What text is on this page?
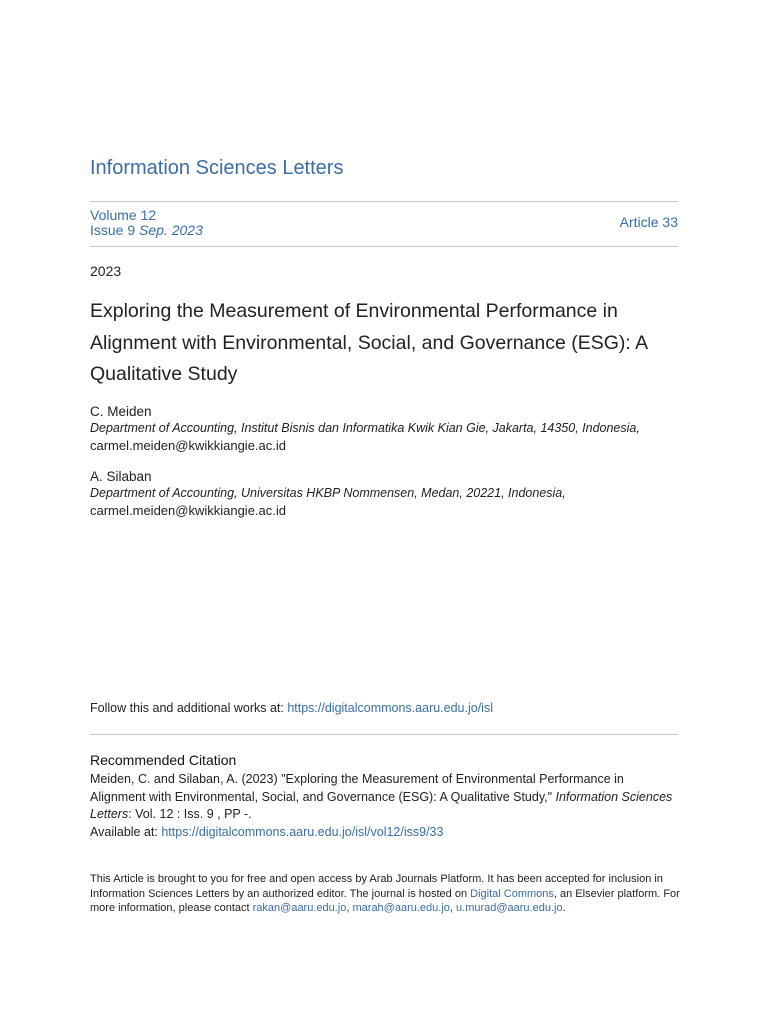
Information Sciences Letters
Volume 12
Issue 9 Sep. 2023	Article 33
2023
Exploring the Measurement of Environmental Performance in Alignment with Environmental, Social, and Governance (ESG): A Qualitative Study
C. Meiden
Department of Accounting, Institut Bisnis dan Informatika Kwik Kian Gie, Jakarta, 14350, Indonesia,
carmel.meiden@kwikkiangie.ac.id
A. Silaban
Department of Accounting, Universitas HKBP Nommensen, Medan, 20221, Indonesia,
carmel.meiden@kwikkiangie.ac.id
Follow this and additional works at: https://digitalcommons.aaru.edu.jo/isl
Recommended Citation
Meiden, C. and Silaban, A. (2023) "Exploring the Measurement of Environmental Performance in Alignment with Environmental, Social, and Governance (ESG): A Qualitative Study," Information Sciences Letters: Vol. 12 : Iss. 9 , PP -.
Available at: https://digitalcommons.aaru.edu.jo/isl/vol12/iss9/33
This Article is brought to you for free and open access by Arab Journals Platform. It has been accepted for inclusion in Information Sciences Letters by an authorized editor. The journal is hosted on Digital Commons, an Elsevier platform. For more information, please contact rakan@aaru.edu.jo, marah@aaru.edu.jo, u.murad@aaru.edu.jo.
